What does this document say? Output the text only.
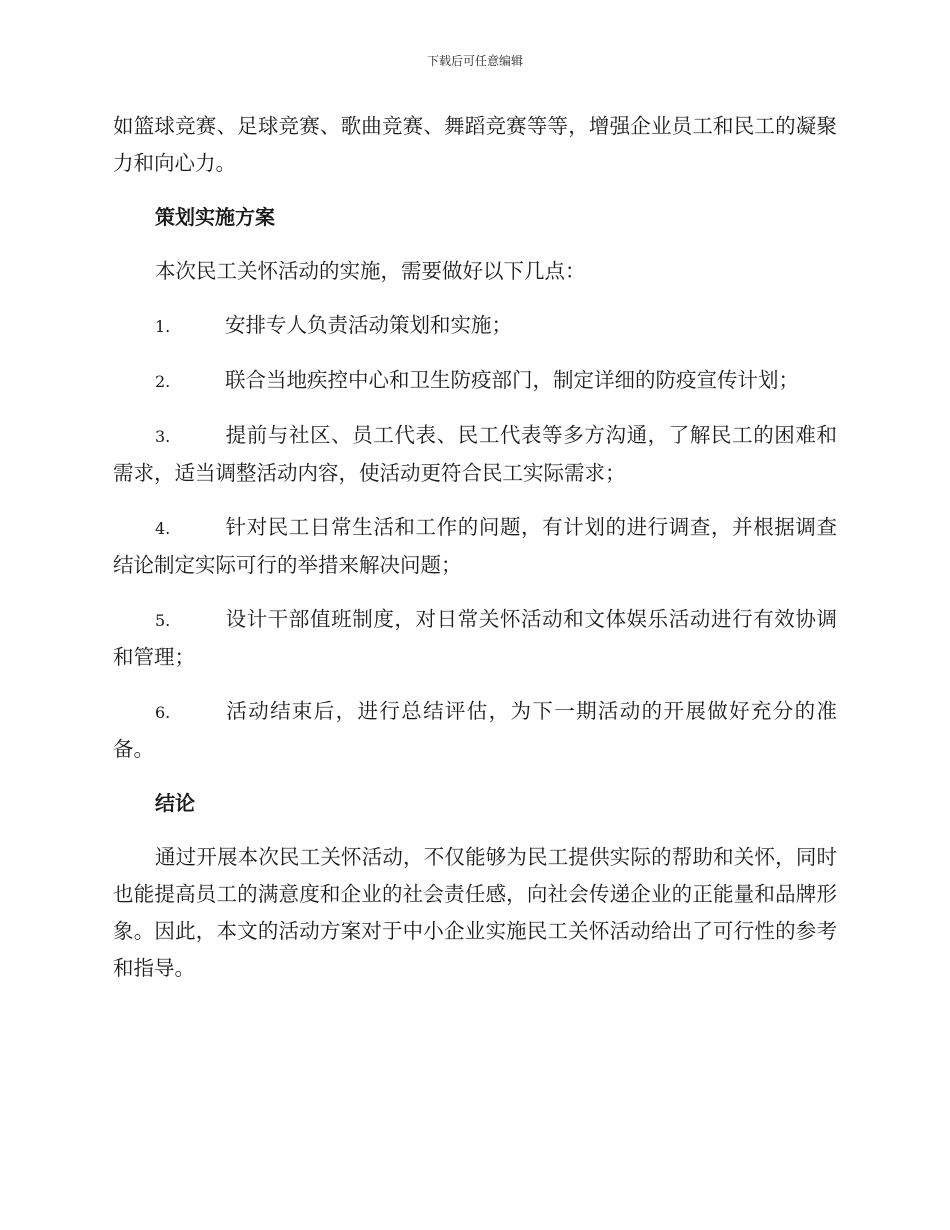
下载后可任意编辑

如篮球竞赛、足球竞赛、歌曲竞赛、舞蹈竞赛等等，增强企业员工和民工的凝聚力和向心力。

策划实施方案

本次民工关怀活动的实施，需要做好以下几点：

1.	安排专人负责活动策划和实施；

2.	联合当地疾控中心和卫生防疫部门，制定详细的防疫宣传计划；

3.	提前与社区、员工代表、民工代表等多方沟通，了解民工的困难和需求，适当调整活动内容，使活动更符合民工实际需求；

4.	针对民工日常生活和工作的问题，有计划的进行调查，并根据调查结论制定实际可行的举措来解决问题；

5.	设计干部值班制度，对日常关怀活动和文体娱乐活动进行有效协调和管理；

6.	活动结束后，进行总结评估，为下一期活动的开展做好充分的准备。

结论

通过开展本次民工关怀活动，不仅能够为民工提供实际的帮助和关怀，同时也能提高员工的满意度和企业的社会责任感，向社会传递企业的正能量和品牌形象。因此，本文的活动方案对于中小企业实施民工关怀活动给出了可行性的参考和指导。
